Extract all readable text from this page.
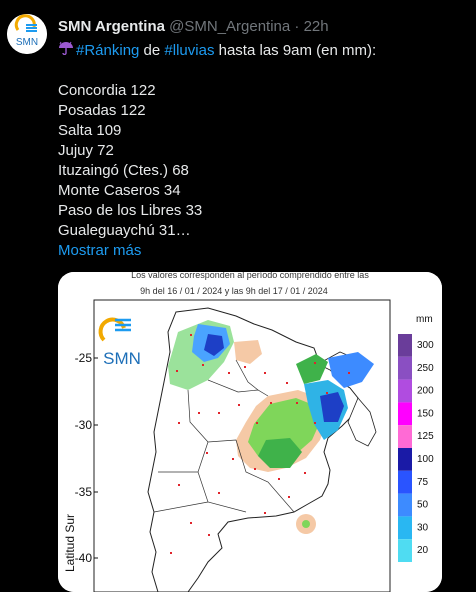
SMN
SMN Argentina @SMN_Argentina · 22h
#Ránking de #lluvias hasta las 9am (en mm):
Concordia 122
Posadas 122
Salta 109
Jujuy 72
Ituzaingó (Ctes.) 68
Monte Caseros 34
Paso de los Libres 33
Gualeguaychú 31…
Mostrar más
Los valores corresponden al período comprendido entre las
9h del 16 / 01 / 2024 y las 9h del 17 / 01 / 2024
SMN
-25
-30
-35
-40
Latitud Sur
mm
300
250
200
150
125
100
75
50
30
20
